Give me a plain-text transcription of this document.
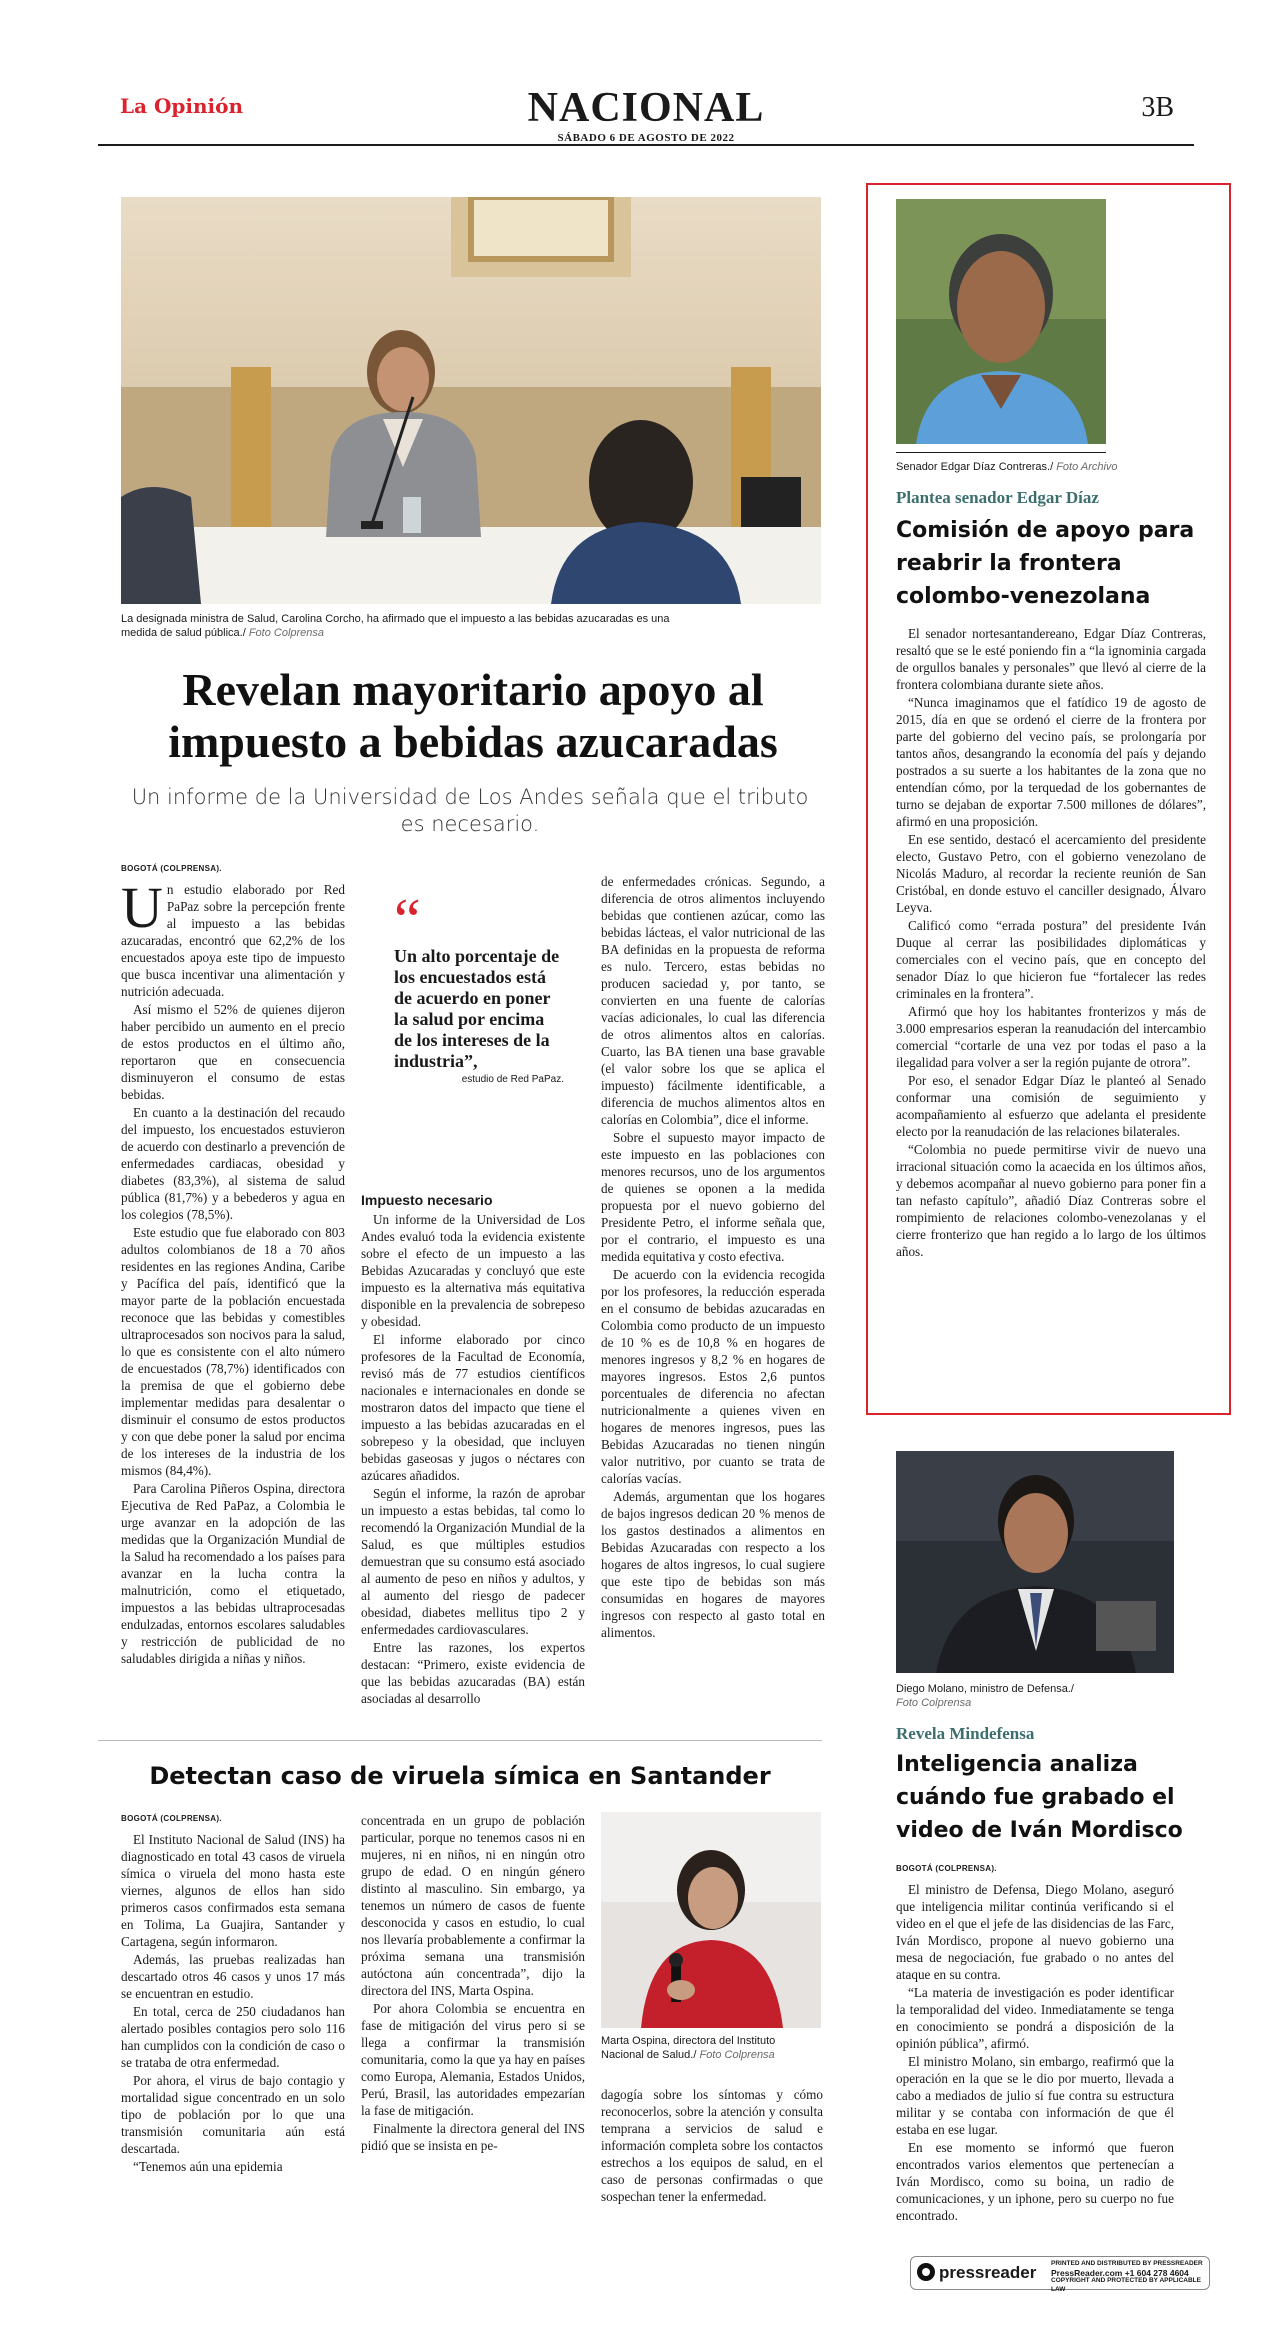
La Opinión	NACIONAL	3B
SÁBADO 6 DE AGOSTO DE 2022
La designada ministra de Salud, Carolina Corcho, ha afirmado que el impuesto a las bebidas azucaradas es una medida de salud pública./ Foto Colprensa
Revelan mayoritario apoyo al impuesto a bebidas azucaradas
Un informe de la Universidad de Los Andes señala que el tributo es necesario.
BOGOTÁ (COLPRENSA).

Un estudio elaborado por Red PaPaz sobre la percepción frente al impuesto a las bebidas azucaradas, encontró que 62,2% de los encuestados apoya este tipo de impuesto que busca incentivar una alimentación y nutrición adecuada.

Así mismo el 52% de quienes dijeron haber percibido un aumento en el precio de estos productos en el último año, reportaron que en consecuencia disminuyeron el consumo de estas bebidas.

En cuanto a la destinación del recaudo del impuesto, los encuestados estuvieron de acuerdo con destinarlo a prevención de enfermedades cardiacas, obesidad y diabetes (83,3%), al sistema de salud pública (81,7%) y a bebederos y agua en los colegios (78,5%).

Este estudio que fue elaborado con 803 adultos colombianos de 18 a 70 años residentes en las regiones Andina, Caribe y Pacífica del país, identificó que la mayor parte de la población encuestada reconoce que las bebidas y comestibles ultraprocesados son nocivos para la salud, lo que es consistente con el alto número de encuestados (78,7%) identificados con la premisa de que el gobierno debe implementar medidas para desalentar o disminuir el consumo de estos productos y con que debe poner la salud por encima de los intereses de la industria de los mismos (84,4%).

Para Carolina Piñeros Ospina, directora Ejecutiva de Red PaPaz, a Colombia le urge avanzar en la adopción de las medidas que la Organización Mundial de la Salud ha recomendado a los países para avanzar en la lucha contra la malnutrición, como el etiquetado, impuestos a las bebidas ultraprocesadas endulzadas, entornos escolares saludables y restricción de publicidad de no saludables dirigida a niñas y niños.

“
Un alto porcentaje de los encuestados está de acuerdo en poner la salud por encima de los intereses de la industria”,
estudio de Red PaPaz.
Impuesto necesario

Un informe de la Universidad de Los Andes evaluó toda la evidencia existente sobre el efecto de un impuesto a las Bebidas Azucaradas y concluyó que este impuesto es la alternativa más equitativa disponible en la prevalencia de sobrepeso y obesidad.

El informe elaborado por cinco profesores de la Facultad de Economía, revisó más de 77 estudios científicos nacionales e internacionales en donde se mostraron datos del impacto que tiene el impuesto a las bebidas azucaradas en el sobrepeso y la obesidad, que incluyen bebidas gaseosas y jugos o néctares con azúcares añadidos.

Según el informe, la razón de aprobar un impuesto a estas bebidas, tal como lo recomendó la Organización Mundial de la Salud, es que múltiples estudios demuestran que su consumo está asociado al aumento de peso en niños y adultos, y al aumento del riesgo de padecer obesidad, diabetes mellitus tipo 2 y enfermedades cardiovasculares.

Entre las razones, los expertos destacan: “Primero, existe evidencia de que las bebidas azucaradas (BA) están asociadas al desarrollo

de enfermedades crónicas. Segundo, a diferencia de otros alimentos incluyendo bebidas que contienen azúcar, como las bebidas lácteas, el valor nutricional de las BA definidas en la propuesta de reforma es nulo. Tercero, estas bebidas no producen saciedad y, por tanto, se convierten en una fuente de calorías vacías adicionales, lo cual las diferencia de otros alimentos altos en calorías. Cuarto, las BA tienen una base gravable (el valor sobre los que se aplica el impuesto) fácilmente identificable, a diferencia de muchos alimentos altos en calorías en Colombia”, dice el informe.

Sobre el supuesto mayor impacto de este impuesto en las poblaciones con menores recursos, uno de los argumentos de quienes se oponen a la medida propuesta por el nuevo gobierno del Presidente Petro, el informe señala que, por el contrario, el impuesto es una medida equitativa y costo efectiva.

De acuerdo con la evidencia recogida por los profesores, la reducción esperada en el consumo de bebidas azucaradas en Colombia como producto de un impuesto de 10 % es de 10,8 % en hogares de menores ingresos y 8,2 % en hogares de mayores ingresos. Estos 2,6 puntos porcentuales de diferencia no afectan nutricionalmente a quienes viven en hogares de menores ingresos, pues las Bebidas Azucaradas no tienen ningún valor nutritivo, por cuanto se trata de calorías vacías.

Además, argumentan que los hogares de bajos ingresos dedican 20 % menos de los gastos destinados a alimentos en Bebidas Azucaradas con respecto a los hogares de altos ingresos, lo cual sugiere que este tipo de bebidas son más consumidas en hogares de mayores ingresos con respecto al gasto total en alimentos.

Detectan caso de viruela símica en Santander
BOGOTÁ (COLPRENSA).

El Instituto Nacional de Salud (INS) ha diagnosticado en total 43 casos de viruela símica o viruela del mono hasta este viernes, algunos de ellos han sido primeros casos confirmados esta semana en Tolima, La Guajira, Santander y Cartagena, según informaron.

Además, las pruebas realizadas han descartado otros 46 casos y unos 17 más se encuentran en estudio.

En total, cerca de 250 ciudadanos han alertado posibles contagios pero solo 116 han cumplidos con la condición de caso o se trataba de otra enfermedad.

Por ahora, el virus de bajo contagio y mortalidad sigue concentrado en un solo tipo de población por lo que una transmisión comunitaria aún está descartada.

“Tenemos aún una epidemia

concentrada en un grupo de población particular, porque no tenemos casos ni en mujeres, ni en niños, ni en ningún otro grupo de edad. O en ningún género distinto al masculino. Sin embargo, ya tenemos un número de casos de fuente desconocida y casos en estudio, lo cual nos llevaría probablemente a confirmar la próxima semana una transmisión autóctona aún concentrada”, dijo la directora del INS, Marta Ospina.

Por ahora Colombia se encuentra en fase de mitigación del virus pero si se llega a confirmar la transmisión comunitaria, como la que ya hay en países como Europa, Alemania, Estados Unidos, Perú, Brasil, las autoridades empezarían la fase de mitigación.

Finalmente la directora general del INS pidió que se insista en pe-

Marta Ospina, directora del Instituto Nacional de Salud./ Foto Colprensa

dagogía sobre los síntomas y cómo reconocerlos, sobre la atención y consulta temprana a servicios de salud e información completa sobre los contactos estrechos a los equipos de salud, en el caso de personas confirmadas o que sospechan tener la enfermedad.

Senador Edgar Díaz Contreras./ Foto Archivo
Plantea senador Edgar Díaz
Comisión de apoyo para reabrir la frontera colombo-venezolana

El senador nortesantandereano, Edgar Díaz Contreras, resaltó que se le esté poniendo fin a “la ignominia cargada de orgullos banales y personales” que llevó al cierre de la frontera colombiana durante siete años.

“Nunca imaginamos que el fatídico 19 de agosto de 2015, día en que se ordenó el cierre de la frontera por parte del gobierno del vecino país, se prolongaría por tantos años, desangrando la economía del país y dejando postrados a su suerte a los habitantes de la zona que no entendían cómo, por la terquedad de los gobernantes de turno se dejaban de exportar 7.500 millones de dólares”, afirmó en una proposición.

En ese sentido, destacó el acercamiento del presidente electo, Gustavo Petro, con el gobierno venezolano de Nicolás Maduro, al recordar la reciente reunión de San Cristóbal, en donde estuvo el canciller designado, Álvaro Leyva.

Calificó como “errada postura” del presidente Iván Duque al cerrar las posibilidades diplomáticas y comerciales con el vecino país, que en concepto del senador Díaz lo que hicieron fue “fortalecer las redes criminales en la frontera”.

Afirmó que hoy los habitantes fronterizos y más de 3.000 empresarios esperan la reanudación del intercambio comercial “cortarle de una vez por todas el paso a la ilegalidad para volver a ser la región pujante de otrora”.

Por eso, el senador Edgar Díaz le planteó al Senado conformar una comisión de seguimiento y acompañamiento al esfuerzo que adelanta el presidente electo por la reanudación de las relaciones bilaterales.

“Colombia no puede permitirse vivir de nuevo una irracional situación como la acaecida en los últimos años, y debemos acompañar al nuevo gobierno para poner fin a tan nefasto capítulo”, añadió Díaz Contreras sobre el rompimiento de relaciones colombo-venezolanas y el cierre fronterizo que han regido a lo largo de los últimos años.

Diego Molano, ministro de Defensa./
Foto Colprensa
Revela Mindefensa
Inteligencia analiza cuándo fue grabado el video de Iván Mordisco
BOGOTÁ (COLPRENSA).

El ministro de Defensa, Diego Molano, aseguró que inteligencia militar continúa verificando si el video en el que el jefe de las disidencias de las Farc, Iván Mordisco, propone al nuevo gobierno una mesa de negociación, fue grabado o no antes del ataque en su contra.

“La materia de investigación es poder identificar la temporalidad del video. Inmediatamente se tenga en conocimiento se pondrá a disposición de la opinión pública”, afirmó.

El ministro Molano, sin embargo, reafirmó que la operación en la que se le dio por muerto, llevada a cabo a mediados de julio sí fue contra su estructura militar y se contaba con información de que él estaba en ese lugar.

En ese momento se informó que fueron encontrados varios elementos que pertenecían a Iván Mordisco, como su boina, un radio de comunicaciones, y un iphone, pero su cuerpo no fue encontrado.

pressreader PRINTED AND DISTRIBUTED BY PRESSREADER
PressReader.com +1 604 278 4604
COPYRIGHT AND PROTECTED BY APPLICABLE LAW
